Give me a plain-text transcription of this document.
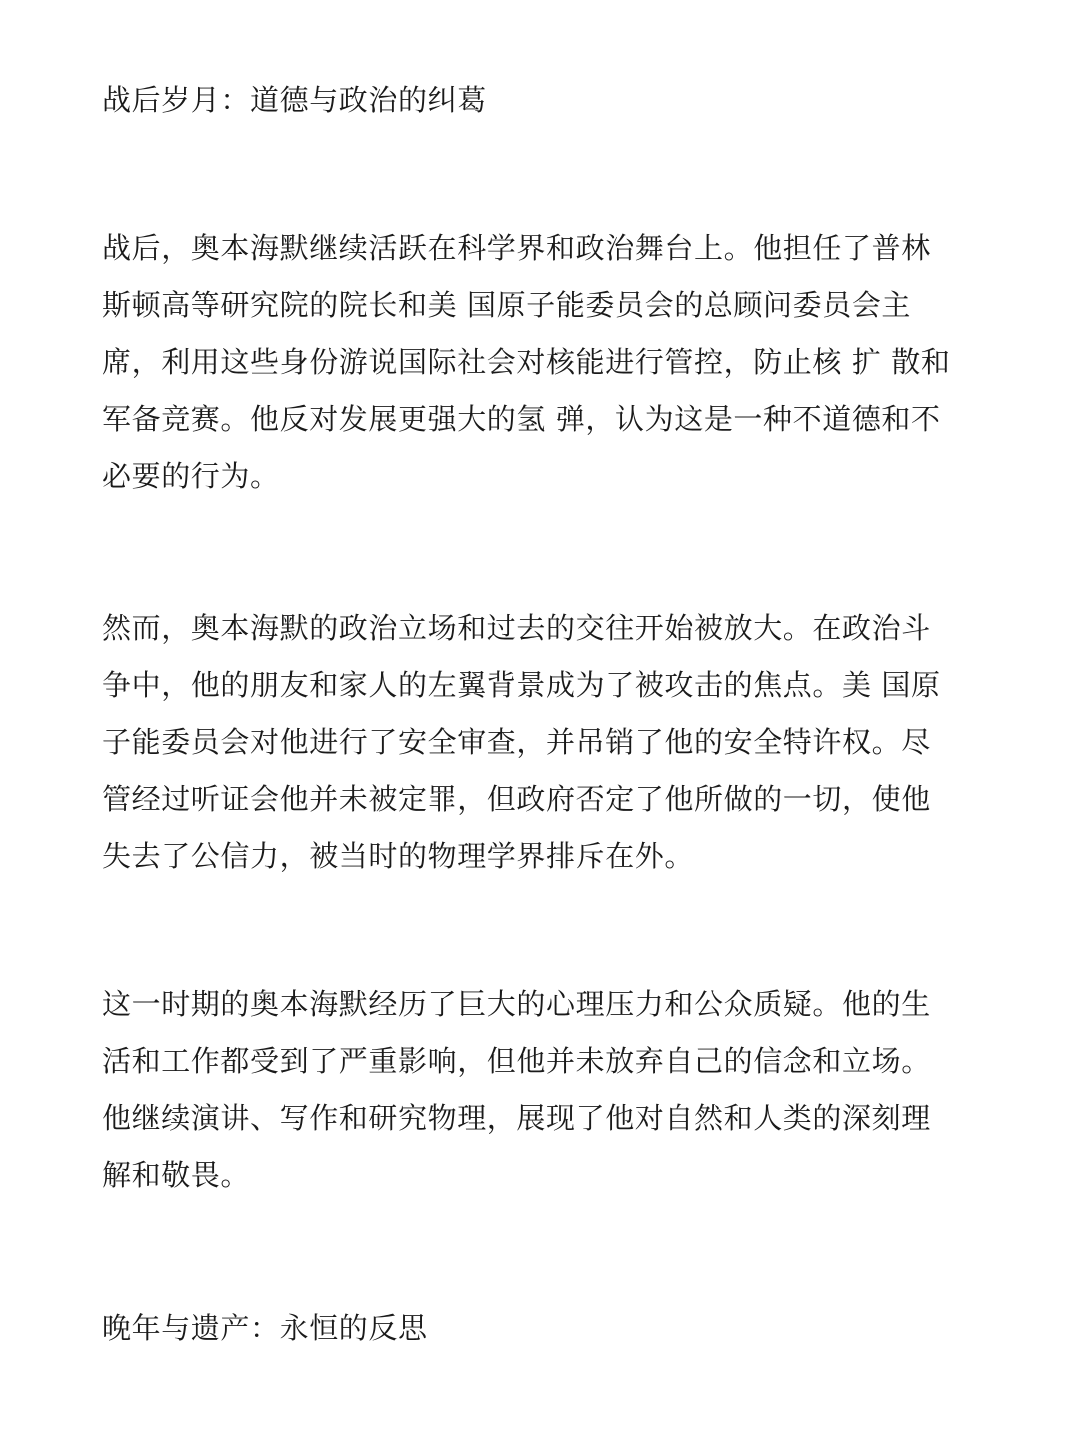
战后岁月：道德与政治的纠葛

战后，奥本海默继续活跃在科学界和政治舞台上。他担任了普林
斯顿高等研究院的院长和美 国原子能委员会的总顾问委员会主
席，利用这些身份游说国际社会对核能进行管控，防止核 扩 散和
军备竞赛。他反对发展更强大的氢 弹，认为这是一种不道德和不
必要的行为。

然而，奥本海默的政治立场和过去的交往开始被放大。在政治斗
争中，他的朋友和家人的左翼背景成为了被攻击的焦点。美 国原
子能委员会对他进行了安全审查，并吊销了他的安全特许权。尽
管经过听证会他并未被定罪，但政府否定了他所做的一切，使他
失去了公信力，被当时的物理学界排斥在外。

这一时期的奥本海默经历了巨大的心理压力和公众质疑。他的生
活和工作都受到了严重影响，但他并未放弃自己的信念和立场。
他继续演讲、写作和研究物理，展现了他对自然和人类的深刻理
解和敬畏。

晚年与遗产：永恒的反思
